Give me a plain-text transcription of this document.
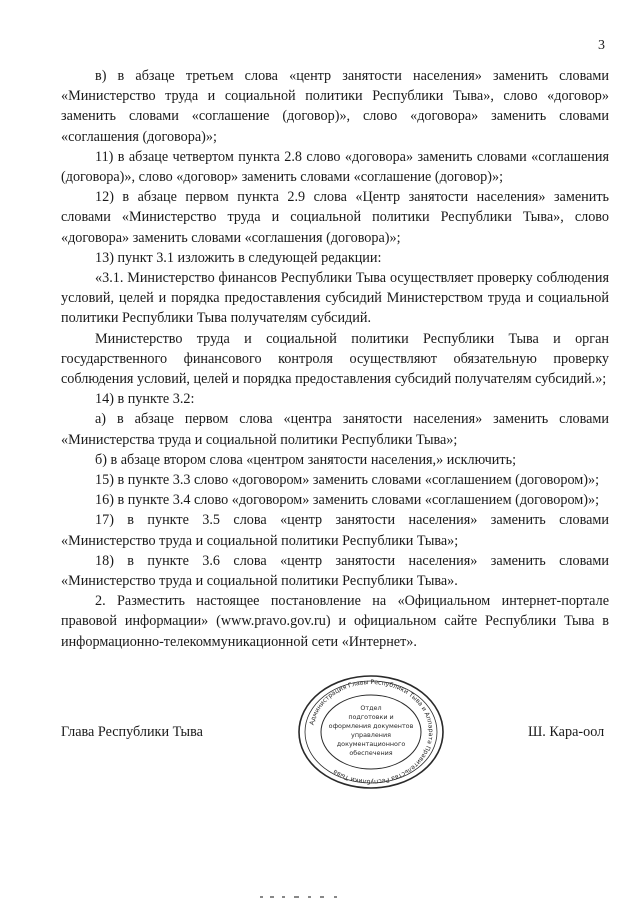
3

в) в абзаце третьем слова «центр занятости населения» заменить словами «Министерство труда и социальной политики Республики Тыва», слово «договор» заменить словами «соглашение (договор)», слово «договора» заменить словами «соглашения (договора)»;

11) в абзаце четвертом пункта 2.8 слово «договора» заменить словами «соглашения (договора)», слово «договор» заменить словами «соглашение (договор)»;

12) в абзаце первом пункта 2.9 слова «Центр занятости населения» заменить словами «Министерство труда и социальной политики Республики Тыва», слово «договора» заменить словами «соглашения (договора)»;

13) пункт 3.1 изложить в следующей редакции:

«3.1. Министерство финансов Республики Тыва осуществляет проверку соблюдения условий, целей и порядка предоставления субсидий Министерством труда и социальной политики Республики Тыва получателям субсидий.

Министерство труда и социальной политики Республики Тыва и орган государственного финансового контроля осуществляют обязательную проверку соблюдения условий, целей и порядка предоставления субсидий получателям субсидий.»;

14) в пункте 3.2:

а) в абзаце первом слова «центра занятости населения» заменить словами «Министерства труда и социальной политики Республики Тыва»;

б) в абзаце втором слова «центром занятости населения,» исключить;

15) в пункте 3.3 слово «договором» заменить словами «соглашением (договором)»;

16) в пункте 3.4 слово «договором» заменить словами «соглашением (договором)»;

17) в пункте 3.5 слова «центр занятости населения» заменить словами «Министерство труда и социальной политики Республики Тыва»;

18) в пункте 3.6 слова «центр занятости населения» заменить словами «Министерство труда и социальной политики Республики Тыва».

2. Разместить настоящее постановление на «Официальном интернет-портале правовой информации» (www.pravo.gov.ru) и официальном сайте Республики Тыва в информационно-телекоммуникационной сети «Интернет».

Глава Республики Тыва	Ш. Кара-оол
Администрация Главы Республики Тыва и Аппарата Правительства Республики Тыва
Отдел
подготовки и
оформления документов
управления
документационного
обеспечения
